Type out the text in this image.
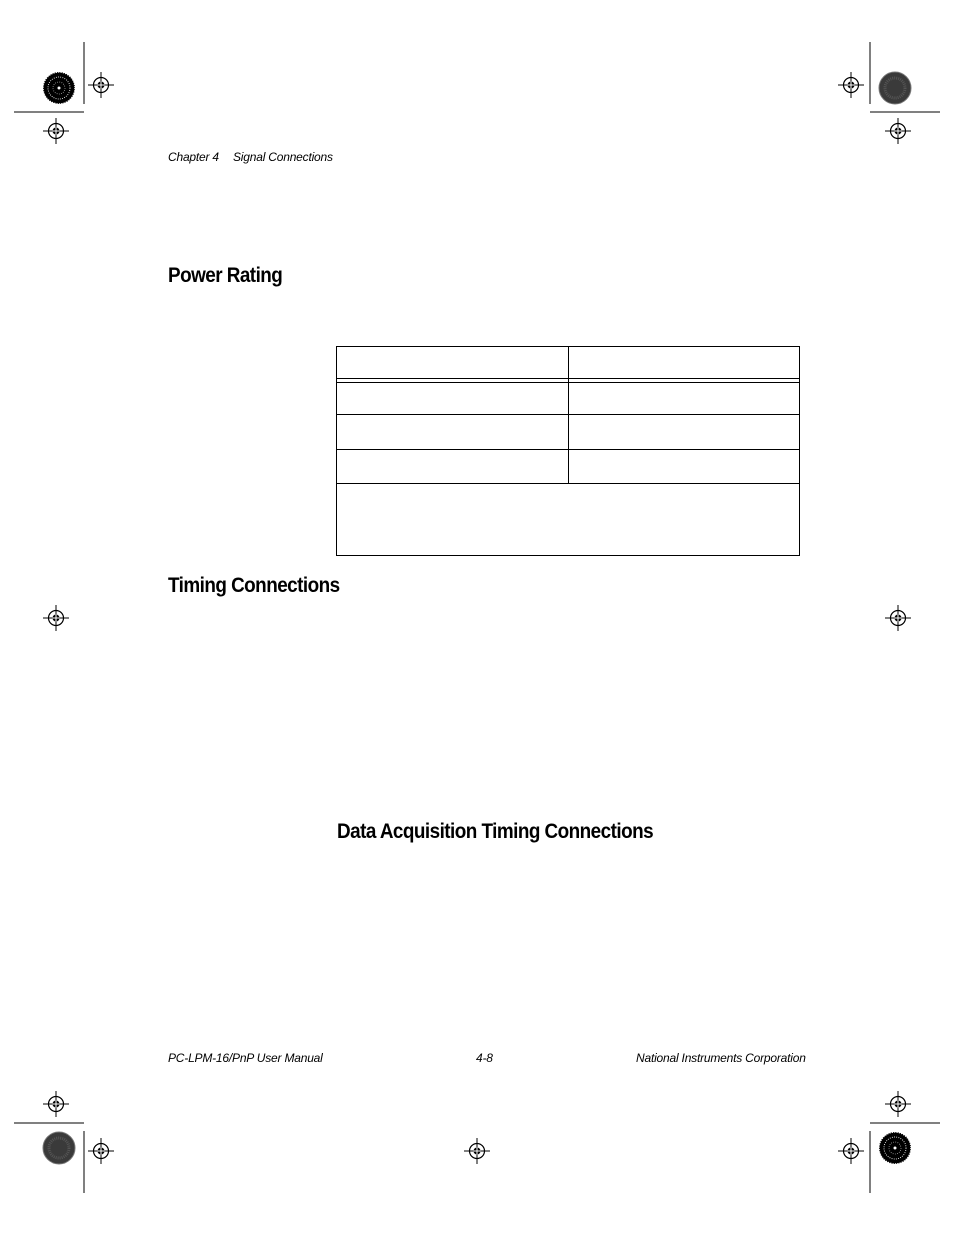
Chapter 4 Signal Connections
Power Rating
Timing Connections
Data Acquisition Timing Connections
PC-LPM-16/PnP User Manual	4-8	National Instruments Corporation
